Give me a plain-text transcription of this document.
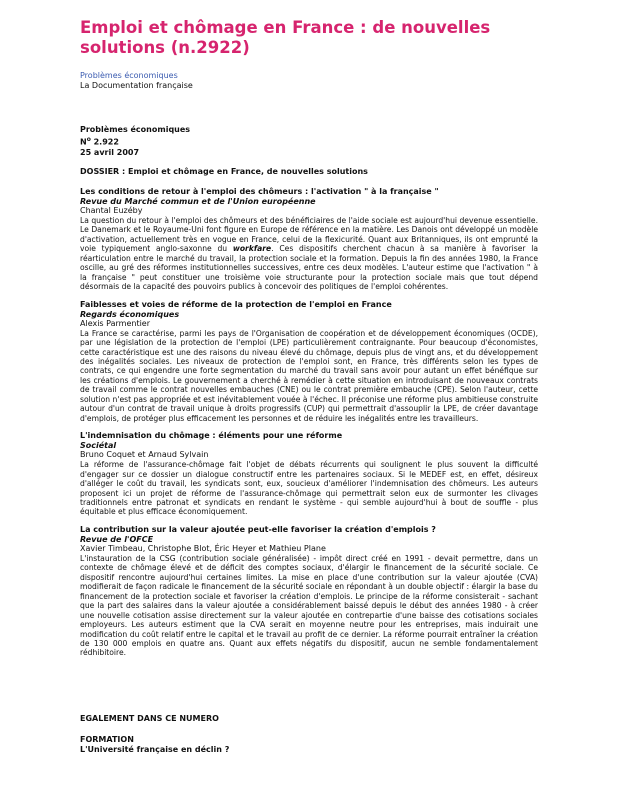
Emploi et chômage en France : de nouvelles solutions (n.2922)
Problèmes économiques
La Documentation française
Problèmes économiques
$N^o$ 2.922
25 avril 2007
DOSSIER : Emploi et chômage en France, de nouvelles solutions
Les conditions de retour à l'emploi des chômeurs : l'activation " à la française "
Revue du Marché commun et de l'Union européenne
Chantal Euzéby
La question du retour à l'emploi des chômeurs et des bénéficiaires de l'aide sociale est aujourd'hui devenue essentielle. Le Danemark et le Royaume-Uni font figure en Europe de référence en la matière. Les Danois ont développé un modèle d'activation, actuellement très en vogue en France, celui de la flexicurité. Quant aux Britanniques, ils ont emprunté la voie typiquement anglo-saxonne du workfare. Ces dispositifs cherchent chacun à sa manière à favoriser la réarticulation entre le marché du travail, la protection sociale et la formation. Depuis la fin des années 1980, la France oscille, au gré des réformes institutionnelles successives, entre ces deux modèles. L'auteur estime que l'activation " à la française " peut constituer une troisième voie structurante pour la protection sociale mais que tout dépend désormais de la capacité des pouvoirs publics à concevoir des politiques de l'emploi cohérentes.
Faiblesses et voies de réforme de la protection de l'emploi en France
Regards économiques
Alexis Parmentier
La France se caractérise, parmi les pays de l'Organisation de coopération et de développement économiques (OCDE), par une législation de la protection de l'emploi (LPE) particulièrement contraignante. Pour beaucoup d'économistes, cette caractéristique est une des raisons du niveau élevé du chômage, depuis plus de vingt ans, et du développement des inégalités sociales. Les niveaux de protection de l'emploi sont, en France, très différents selon les types de contrats, ce qui engendre une forte segmentation du marché du travail sans avoir pour autant un effet bénéfique sur les créations d'emplois. Le gouvernement a cherché à remédier à cette situation en introduisant de nouveaux contrats de travail comme le contrat nouvelles embauches (CNE) ou le contrat première embauche (CPE). Selon l'auteur, cette solution n'est pas appropriée et est inévitablement vouée à l'échec. Il préconise une réforme plus ambitieuse construite autour d'un contrat de travail unique à droits progressifs (CUP) qui permettrait d'assouplir la LPE, de créer davantage d'emplois, de protéger plus efficacement les personnes et de réduire les inégalités entre les travailleurs.
L'indemnisation du chômage : éléments pour une réforme
Sociétal
Bruno Coquet et Arnaud Sylvain
La réforme de l'assurance-chômage fait l'objet de débats récurrents qui soulignent le plus souvent la difficulté d'engager sur ce dossier un dialogue constructif entre les partenaires sociaux. Si le MEDEF est, en effet, désireux d'alléger le coût du travail, les syndicats sont, eux, soucieux d'améliorer l'indemnisation des chômeurs. Les auteurs proposent ici un projet de réforme de l'assurance-chômage qui permettrait selon eux de surmonter les clivages traditionnels entre patronat et syndicats en rendant le système - qui semble aujourd'hui à bout de souffle - plus équitable et plus efficace économiquement.
La contribution sur la valeur ajoutée peut-elle favoriser la création d'emplois ?
Revue de l'OFCE
Xavier Timbeau, Christophe Blot, Éric Heyer et Mathieu Plane
L'instauration de la CSG (contribution sociale généralisée) - impôt direct créé en 1991 - devait permettre, dans un contexte de chômage élevé et de déficit des comptes sociaux, d'élargir le financement de la sécurité sociale. Ce dispositif rencontre aujourd'hui certaines limites. La mise en place d'une contribution sur la valeur ajoutée (CVA) modifierait de façon radicale le financement de la sécurité sociale en répondant à un double objectif : élargir la base du financement de la protection sociale et favoriser la création d'emplois. Le principe de la réforme consisterait - sachant que la part des salaires dans la valeur ajoutée a considérablement baissé depuis le début des années 1980 - à créer une nouvelle cotisation assise directement sur la valeur ajoutée en contrepartie d'une baisse des cotisations sociales employeurs. Les auteurs estiment que la CVA serait en moyenne neutre pour les entreprises, mais induirait une modification du coût relatif entre le capital et le travail au profit de ce dernier. La réforme pourrait entraîner la création de 130 000 emplois en quatre ans. Quant aux effets négatifs du dispositif, aucun ne semble fondamentalement rédhibitoire.
EGALEMENT DANS CE NUMERO
FORMATION
L'Université française en déclin ?
